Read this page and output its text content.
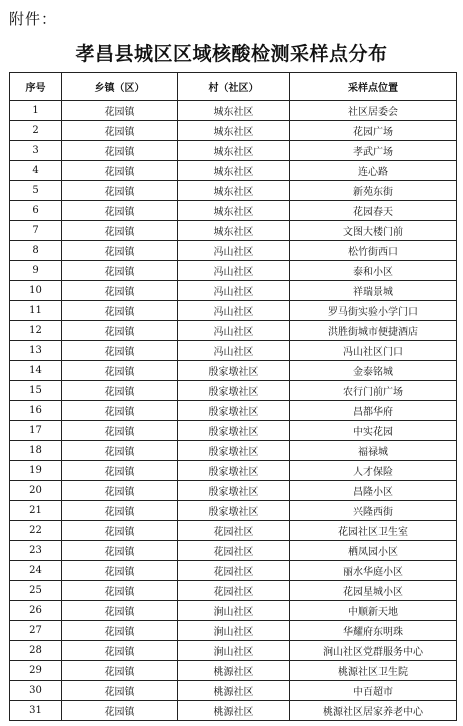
附件：
孝昌县城区区域核酸检测采样点分布
序号	乡镇（区）	村（社区）	采样点位置
1	花园镇	城东社区	社区居委会
2	花园镇	城东社区	花园广场
3	花园镇	城东社区	孝武广场
4	花园镇	城东社区	连心路
5	花园镇	城东社区	新苑东街
6	花园镇	城东社区	花园春天
7	花园镇	城东社区	文图大楼门前
8	花园镇	冯山社区	松竹街西口
9	花园镇	冯山社区	泰和小区
10	花园镇	冯山社区	祥瑞景城
11	花园镇	冯山社区	罗马街实验小学门口
12	花园镇	冯山社区	洪胜街城市便捷酒店
13	花园镇	冯山社区	冯山社区门口
14	花园镇	殷家墩社区	金泰铭城
15	花园镇	殷家墩社区	农行门前广场
16	花园镇	殷家墩社区	昌都华府
17	花园镇	殷家墩社区	中实花园
18	花园镇	殷家墩社区	福禄城
19	花园镇	殷家墩社区	人才保险
20	花园镇	殷家墩社区	昌隆小区
21	花园镇	殷家墩社区	兴隆西街
22	花园镇	花园社区	花园社区卫生室
23	花园镇	花园社区	栖凤园小区
24	花园镇	花园社区	丽水华庭小区
25	花园镇	花园社区	花园星城小区
26	花园镇	涧山社区	中顺新天地
27	花园镇	涧山社区	华耀府东明珠
28	花园镇	涧山社区	涧山社区党群服务中心
29	花园镇	桃源社区	桃源社区卫生院
30	花园镇	桃源社区	中百超市
31	花园镇	桃源社区	桃源社区居家养老中心
